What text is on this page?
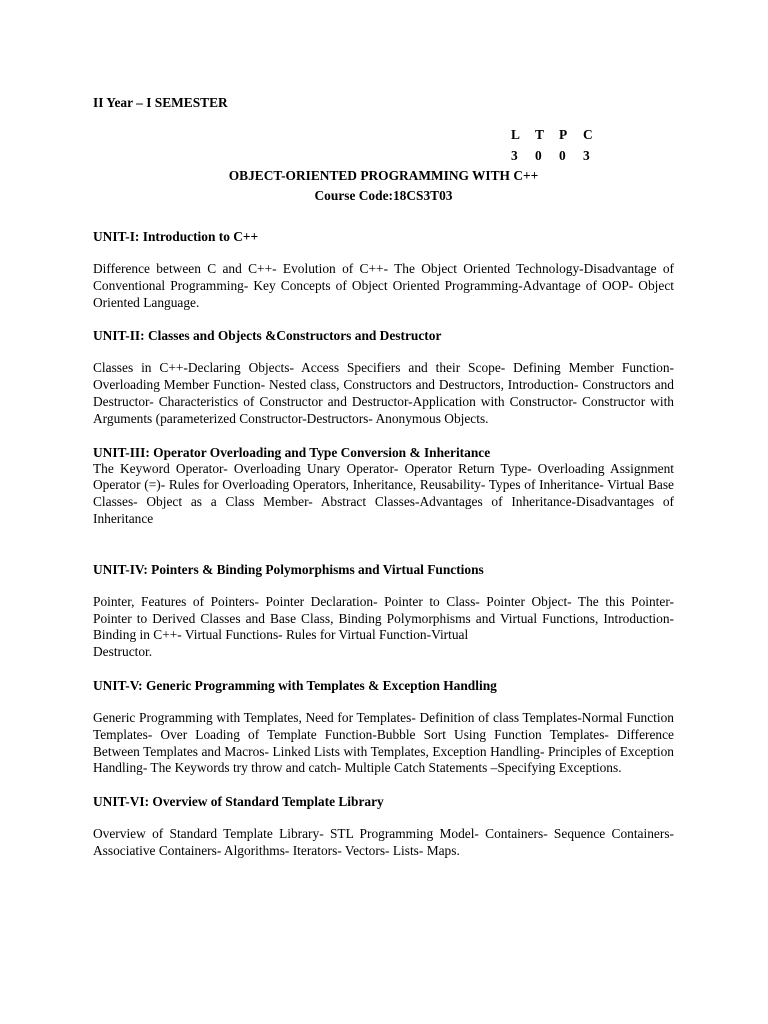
II Year – I SEMESTER
L	T	P	C
3	0	0	3
OBJECT-ORIENTED PROGRAMMING WITH C++
Course Code:18CS3T03
UNIT-I: Introduction to C++
Difference between C and C++- Evolution of C++- The Object Oriented Technology-Disadvantage of Conventional Programming- Key Concepts of Object Oriented Programming-Advantage of OOP- Object Oriented Language.
UNIT-II: Classes and Objects &Constructors and Destructor
Classes in C++-Declaring Objects- Access Specifiers and their Scope- Defining Member Function-Overloading Member Function- Nested class, Constructors and Destructors, Introduction- Constructors and Destructor- Characteristics of Constructor and Destructor-Application with Constructor- Constructor with Arguments (parameterized Constructor-Destructors- Anonymous Objects.
UNIT-III: Operator Overloading and Type Conversion & Inheritance
The Keyword Operator- Overloading Unary Operator- Operator Return Type- Overloading Assignment Operator (=)- Rules for Overloading Operators, Inheritance, Reusability- Types of Inheritance- Virtual Base Classes- Object as a Class Member- Abstract Classes-Advantages of Inheritance-Disadvantages of Inheritance
UNIT-IV: Pointers & Binding Polymorphisms and Virtual Functions
Pointer, Features of Pointers- Pointer Declaration- Pointer to Class- Pointer Object- The this Pointer- Pointer to Derived Classes and Base Class, Binding Polymorphisms and Virtual Functions, Introduction- Binding in C++- Virtual Functions- Rules for Virtual Function-Virtual
Destructor.
UNIT-V: Generic Programming with Templates & Exception Handling
Generic Programming with Templates, Need for Templates- Definition of class Templates-Normal Function Templates- Over Loading of Template Function-Bubble Sort Using Function Templates- Difference Between Templates and Macros- Linked Lists with Templates, Exception Handling- Principles of Exception Handling- The Keywords try throw and catch- Multiple Catch Statements –Specifying Exceptions.
UNIT-VI: Overview of Standard Template Library
Overview of Standard Template Library- STL Programming Model- Containers- Sequence Containers- Associative Containers- Algorithms- Iterators- Vectors- Lists- Maps.
